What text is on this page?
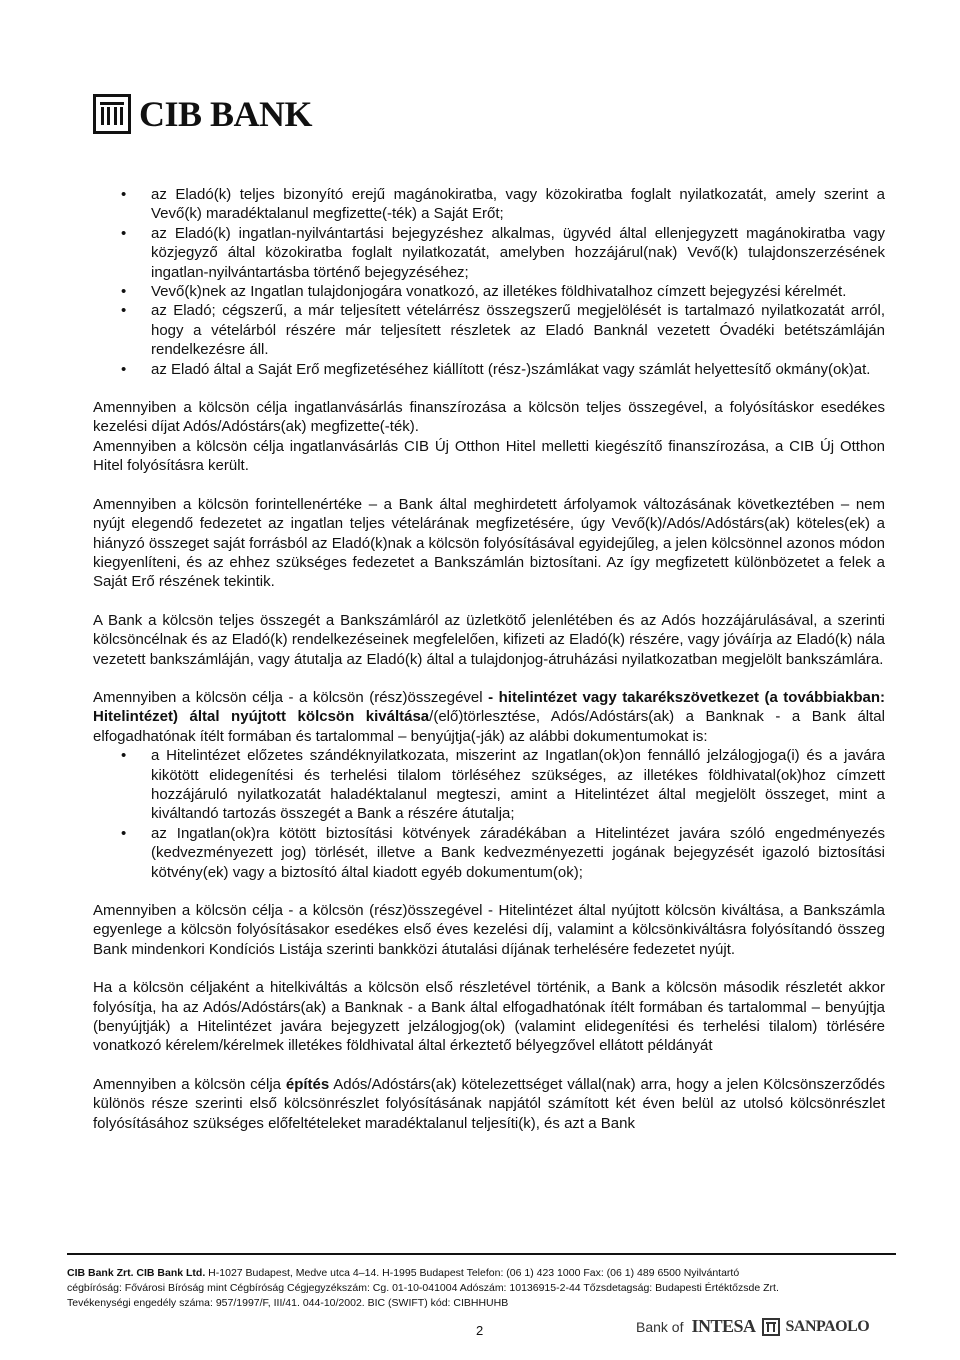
CIB BANK
• az Eladó(k) teljes bizonyító erejű magánokiratba, vagy közokiratba foglalt nyilatkozatát, amely szerint a Vevő(k) maradéktalanul megfizette(-ték) a Saját Erőt;
• az Eladó(k) ingatlan-nyilvántartási bejegyzéshez alkalmas, ügyvéd által ellenjegyzett magánokiratba vagy közjegyző által közokiratba foglalt nyilatkozatát, amelyben hozzájárul(nak) Vevő(k) tulajdonszerzésének ingatlan-nyilvántartásba történő bejegyzéséhez;
• Vevő(k)nek az Ingatlan tulajdonjogára vonatkozó, az illetékes földhivatalhoz címzett bejegyzési kérelmét.
• az Eladó; cégszerű, a már teljesített vételárrész összegszerű megjelölését is tartalmazó nyilatkozatát arról, hogy a vételárból részére már teljesített részletek az Eladó Banknál vezetett Óvadéki betétszámláján rendelkezésre áll.
• az Eladó által a Saját Erő megfizetéséhez kiállított (rész-)számlákat vagy számlát helyettesítő okmány(ok)at.

Amennyiben a kölcsön célja ingatlanvásárlás finanszírozása a kölcsön teljes összegével, a folyósításkor esedékes kezelési díjat Adós/Adóstárs(ak) megfizette(-ték).

Amennyiben a kölcsön célja ingatlanvásárlás CIB Új Otthon Hitel melletti kiegészítő finanszírozása, a CIB Új Otthon Hitel folyósításra került.

Amennyiben a kölcsön forintellenértéke – a Bank által meghirdetett árfolyamok változásának következtében – nem nyújt elegendő fedezetet az ingatlan teljes vételárának megfizetésére, úgy Vevő(k)/Adós/Adóstárs(ak) köteles(ek) a hiányzó összeget saját forrásból az Eladó(k)nak a kölcsön folyósításával egyidejűleg, a jelen kölcsönnel azonos módon kiegyenlíteni, és az ehhez szükséges fedezetet a Bankszámlán biztosítani. Az így megfizetett különbözetet a felek a Saját Erő részének tekintik.

A Bank a kölcsön teljes összegét a Bankszámláról az üzletkötő jelenlétében és az Adós hozzájárulásával, a szerinti kölcsöncélnak és az Eladó(k) rendelkezéseinek megfelelően, kifizeti az Eladó(k) részére, vagy jóváírja az Eladó(k) nála vezetett bankszámláján, vagy átutalja az Eladó(k) által a tulajdonjog-átruházási nyilatkozatban megjelölt bankszámlára.

Amennyiben a kölcsön célja - a kölcsön (rész)összegével - hitelintézet vagy takarékszövetkezet (a továbbiakban: Hitelintézet) által nyújtott kölcsön kiváltása/(elő)törlesztése, Adós/Adóstárs(ak) a Banknak - a Bank által elfogadhatónak ítélt formában és tartalommal – benyújtja(-ják) az alábbi dokumentumokat is:

• a Hitelintézet előzetes szándéknyilatkozata, miszerint az Ingatlan(ok)on fennálló jelzálogjoga(i) és a javára kikötött elidegenítési és terhelési tilalom törléséhez szükséges, az illetékes földhivatal(ok)hoz címzett hozzájáruló nyilatkozatát haladéktalanul megteszi, amint a Hitelintézet által megjelölt összeget, mint a kiváltandó tartozás összegét a Bank a részére átutalja;
• az Ingatlan(ok)ra kötött biztosítási kötvények záradékában a Hitelintézet javára szóló engedményezés (kedvezményezett jog) törlését, illetve a Bank kedvezményezetti jogának bejegyzését igazoló biztosítási kötvény(ek) vagy a biztosító által kiadott egyéb dokumentum(ok);

Amennyiben a kölcsön célja - a kölcsön (rész)összegével - Hitelintézet által nyújtott kölcsön kiváltása, a Bankszámla egyenlege a kölcsön folyósításakor esedékes első éves kezelési díj, valamint a kölcsönkiváltásra folyósítandó összeg Bank mindenkori Kondíciós Listája szerinti bankközi átutalási díjának terhelésére fedezetet nyújt.

Ha a kölcsön céljaként a hitelkiváltás a kölcsön első részletével történik, a Bank a kölcsön második részletét akkor folyósítja, ha az Adós/Adóstárs(ak) a Banknak - a Bank által elfogadhatónak ítélt formában és tartalommal – benyújtja (benyújtják) a Hitelintézet javára bejegyzett jelzálogjog(ok) (valamint elidegenítési és terhelési tilalom) törlésére vonatkozó kérelem/kérelmek illetékes földhivatal által érkeztető bélyegzővel ellátott példányát

Amennyiben a kölcsön célja építés Adós/Adóstárs(ak) kötelezettséget vállal(nak) arra, hogy a jelen Kölcsönszerződés különös része szerinti első kölcsönrészlet folyósításának napjától számított két éven belül az utolsó kölcsönrészlet folyósításához szükséges előfeltételeket maradéktalanul teljesíti(k), és azt a Bank

CIB Bank Zrt. CIB Bank Ltd. H-1027 Budapest, Medve utca 4–14. H-1995 Budapest Telefon: (06 1) 423 1000 Fax: (06 1) 489 6500 Nyilvántartó
cégbíróság: Fővárosi Bíróság mint Cégbíróság Cégjegyzékszám: Cg. 01-10-041004 Adószám: 10136915-2-44 Tőzsdetagság: Budapesti Értéktőzsde Zrt.
Tevékenységi engedély száma: 957/1997/F, III/41. 044-10/2002. BIC (SWIFT) kód: CIBHHUHB
2	Bank of INTESA SANPAOLO
